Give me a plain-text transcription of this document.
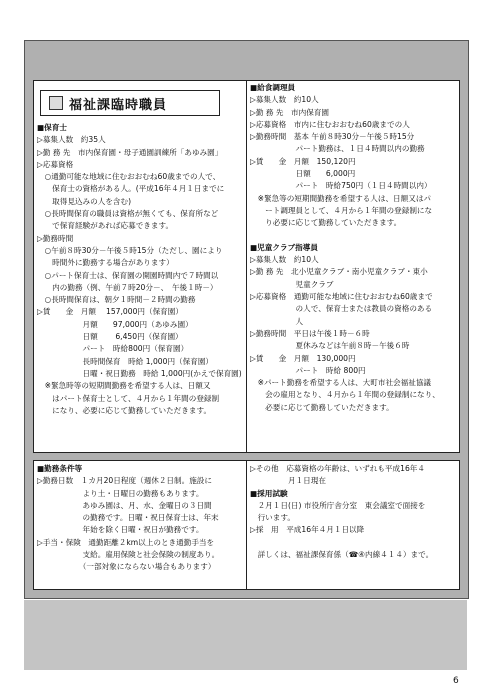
福祉課臨時職員
■保育士
▷募集人数　約35人
▷勤 務 先　市内保育園・母子通園訓練所「あゆみ園」
▷応募資格
　○通勤可能な地域に住むおおむね60歳までの人で、
　　保育士の資格がある人。(平成16年４月１日までに
　　取得見込みの人を含む)
　○長時間保育の職員は資格が無くても、保育所など
　　で保育経験があれば応募できます。
▷勤務時間
　○午前８時30分－午後５時15分（ただし、園により
　　時間外に勤務する場合があります）
　○パート保育士は、保育園の開園時間内で７時間以
　　内の勤務（例、午前７時20分－、　午後１時－）
　○長時間保育は、朝夕１時間－２時間の勤務
▷賃　　金　月額　 157,000円（保育園）
　　　　　　月額　　97,000円（あゆみ園）
　　　　　　日額　　 6,450円（保育園）
　　　　　　パート　時給800円（保育園）
　　　　　　長時間保育　時給 1,000円（保育園）
　　　　　　日曜・祝日勤務　時給 1,000円(かえで保育園)
　※緊急時等の短期間勤務を希望する人は、日額又
　　はパート保育士として、４月から１年間の登録制
　　になり、必要に応じて勤務していただきます。
■給食調理員
▷募集人数　約10人
▷勤 務 先　市内保育園
▷応募資格　市内に住むおおむね60歳までの人
▷勤務時間　基本 午前８時30分－午後５時15分
　　　　　　パート勤務は、１日４時間以内の勤務
▷賃　　金　月額　150,120円
　　　　　　日額　　6,000円
　　　　　　パート　時給750円（１日４時間以内）
　※緊急等の短期間勤務を希望する人は、日額又はパ
　　ート調理員として、４月から１年間の登録制にな
　　り必要に応じて勤務していただきます。

■児童クラブ指導員
▷募集人数　約10人
▷勤 務 先　北小児童クラブ・南小児童クラブ・東小
　　　　　　児童クラブ
▷応募資格　通勤可能な地域に住むおおむね60歳まで
　　　　　　の人で、保育士または教員の資格のある
　　　　　　人
▷勤務時間　平日は午後１時－６時
　　　　　　夏休みなどは午前８時－午後６時
▷賃　　金　月額　130,000円
　　　　　　パート　時給 800円
　※パート勤務を希望する人は、大町市社会福祉協議
　　会の雇用となり、４月から１年間の登録制になり、
　　必要に応じて勤務していただきます。
■勤務条件等
▷勤務日数　１カ月20日程度（週休２日制。施設に
　　　　　　より土・日曜日の勤務もあります。
　　　　　　あゆみ園は、月、水、金曜日の３日間
　　　　　　の勤務です。日曜・祝日保育士は、年末
　　　　　　年始を除く日曜・祝日が勤務です。
▷手当・保険　通勤距離２km以上のとき通勤手当を
　　　　　　支給。雇用保険と社会保険の制度あり。
　　　　　　（一部対象にならない場合もあります）
▷その他　応募資格の年齢は、いずれも平成16年４
　　　　　月１日現在
■採用試験
　２月１日(日) 市役所庁舎分室　東会議室で面接を
　行います。
▷採　用　平成16年４月１日以降

　詳しくは、福祉課保育係（☎④内線４１４）まで。
6
